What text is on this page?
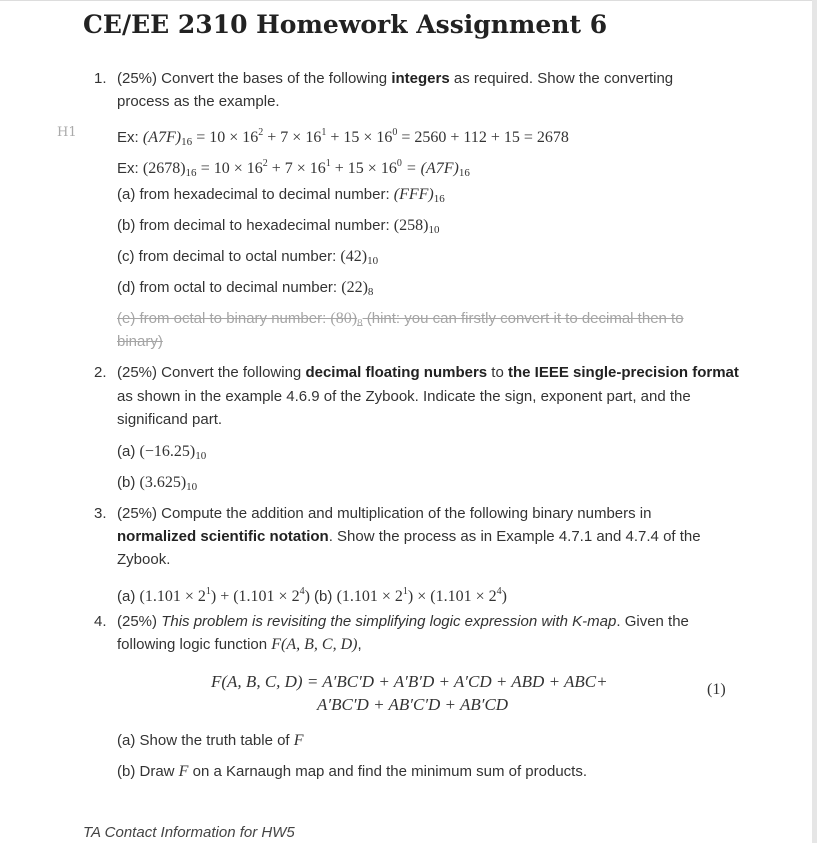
CE/EE 2310 Homework Assignment 6
H1
1. (25%) Convert the bases of the following integers as required. Show the converting
process as the example.
Ex: $(A7F)_{16} = 10 \times 16^2 + 7 \times 16^1 + 15 \times 16^0 = 2560 + 112 + 15 = 2678$
Ex: $(2678)_{16} = 10 \times 16^2 + 7 \times 16^1 + 15 \times 16^0 = (A7F)_{16}$
(a) from hexadecimal to decimal number: $(FFF)_{16}$
(b) from decimal to hexadecimal number: $(258)_{10}$
(c) from decimal to octal number: $(42)_{10}$
(d) from octal to decimal number: $(22)_8$
(e) from octal to binary number: $(80)_8$ (hint: you can firstly convert it to decimal then to
binary)
2. (25%) Convert the following decimal floating numbers to the IEEE single-precision format
as shown in the example 4.6.9 of the Zybook. Indicate the sign, exponent part, and the
significand part.
(a) $(-16.25)_{10}$
(b) $(3.625)_{10}$
3. (25%) Compute the addition and multiplication of the following binary numbers in
normalized scientific notation. Show the process as in Example 4.7.1 and 4.7.4 of the
Zybook.
(a) $(1.101 \times 2^1) + (1.101 \times 2^4)$ (b) $(1.101 \times 2^1) \times (1.101 \times 2^4)$
4. (25%) This problem is revisiting the simplifying logic expression with K-map. Given the
following logic function F(A, B, C, D),
F(A, B, C, D) = A′BC′D + A′B′D + A′CD + ABD + ABC+
A′BC′D + AB′C′D + AB′CD
(1)
(a) Show the truth table of F
(b) Draw F on a Karnaugh map and find the minimum sum of products.
TA Contact Information for HW5
